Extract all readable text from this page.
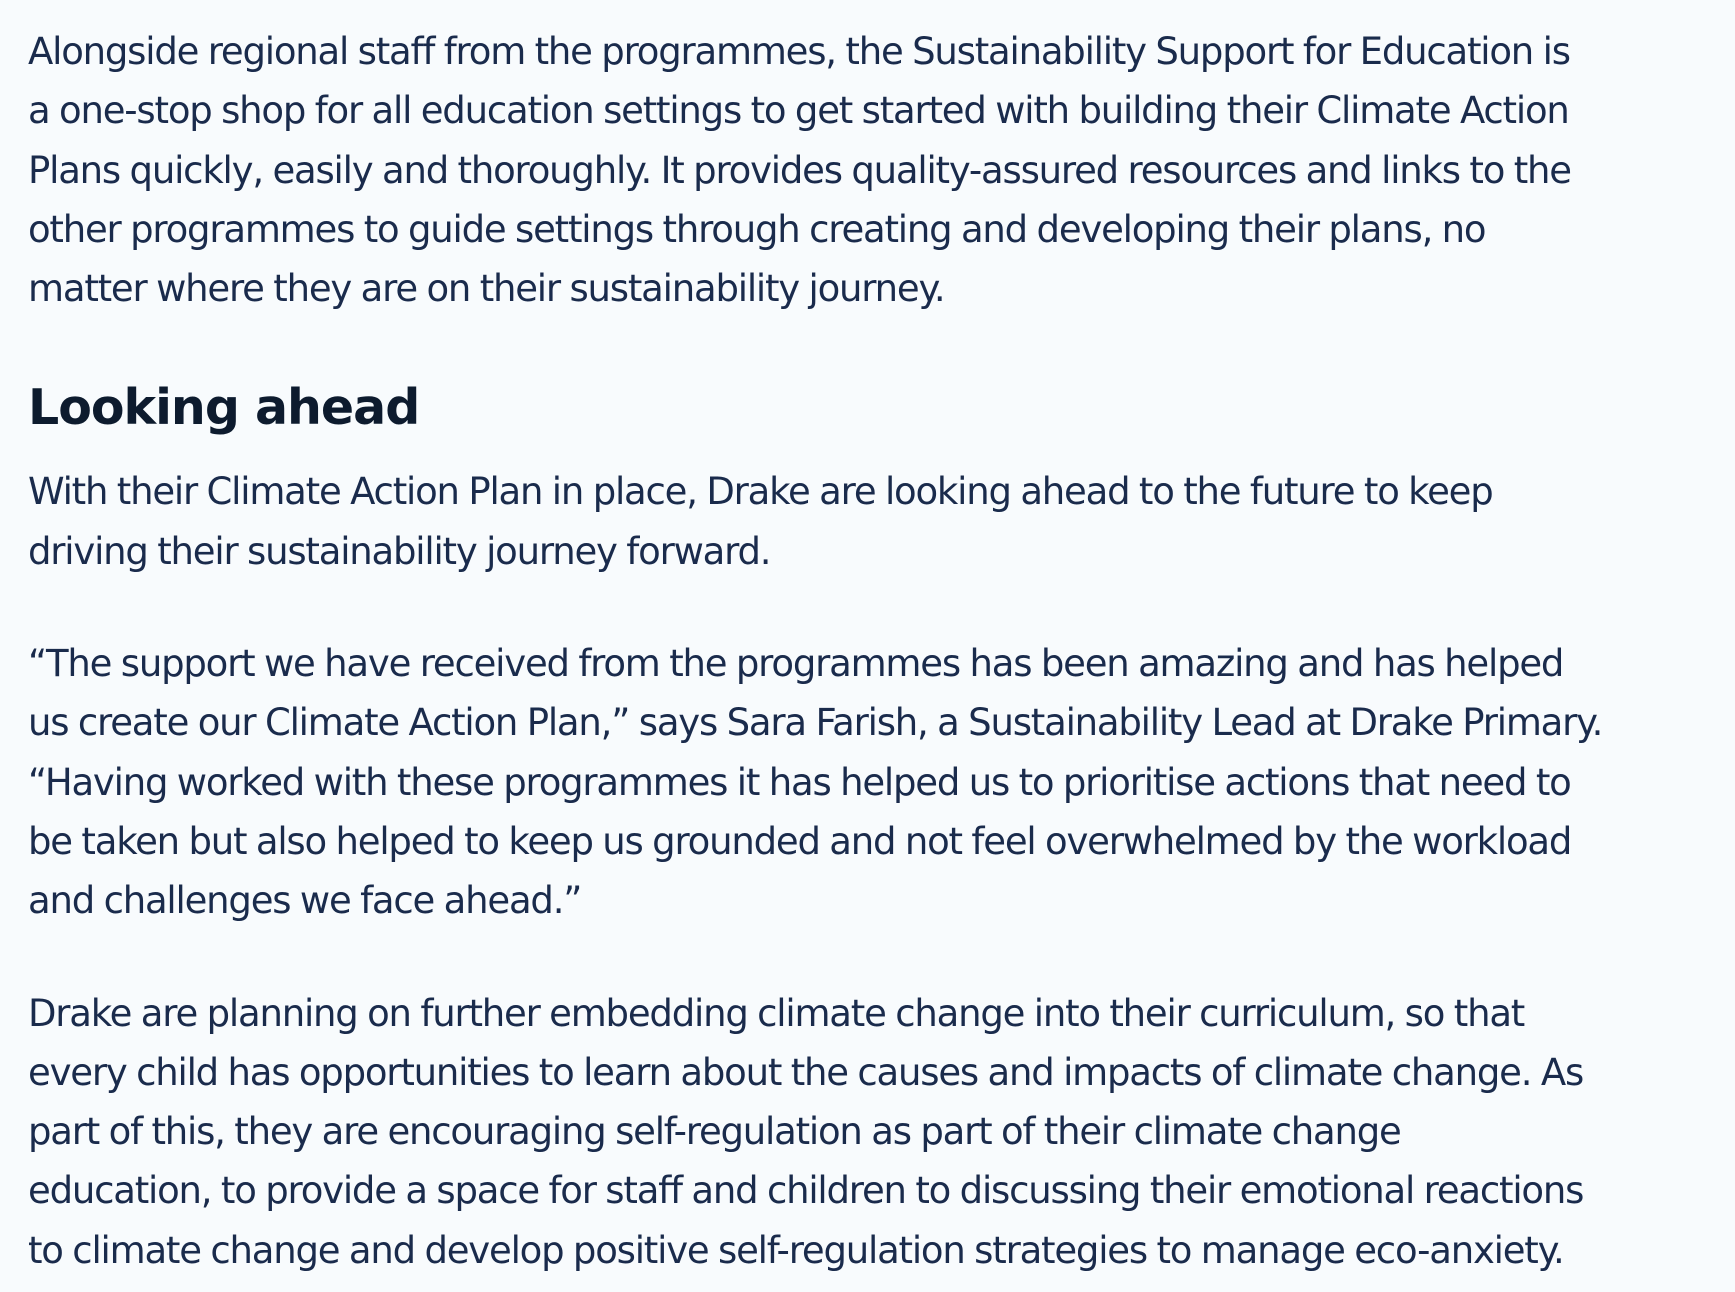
Alongside regional staff from the programmes, the Sustainability Support for Education is
a one-stop shop for all education settings to get started with building their Climate Action
Plans quickly, easily and thoroughly. It provides quality-assured resources and links to the
other programmes to guide settings through creating and developing their plans, no
matter where they are on their sustainability journey.

Looking ahead

With their Climate Action Plan in place, Drake are looking ahead to the future to keep
driving their sustainability journey forward.

“The support we have received from the programmes has been amazing and has helped
us create our Climate Action Plan,” says Sara Farish, a Sustainability Lead at Drake Primary.
“Having worked with these programmes it has helped us to prioritise actions that need to
be taken but also helped to keep us grounded and not feel overwhelmed by the workload
and challenges we face ahead.”

Drake are planning on further embedding climate change into their curriculum, so that
every child has opportunities to learn about the causes and impacts of climate change. As
part of this, they are encouraging self-regulation as part of their climate change
education, to provide a space for staff and children to discussing their emotional reactions
to climate change and develop positive self-regulation strategies to manage eco-anxiety.
